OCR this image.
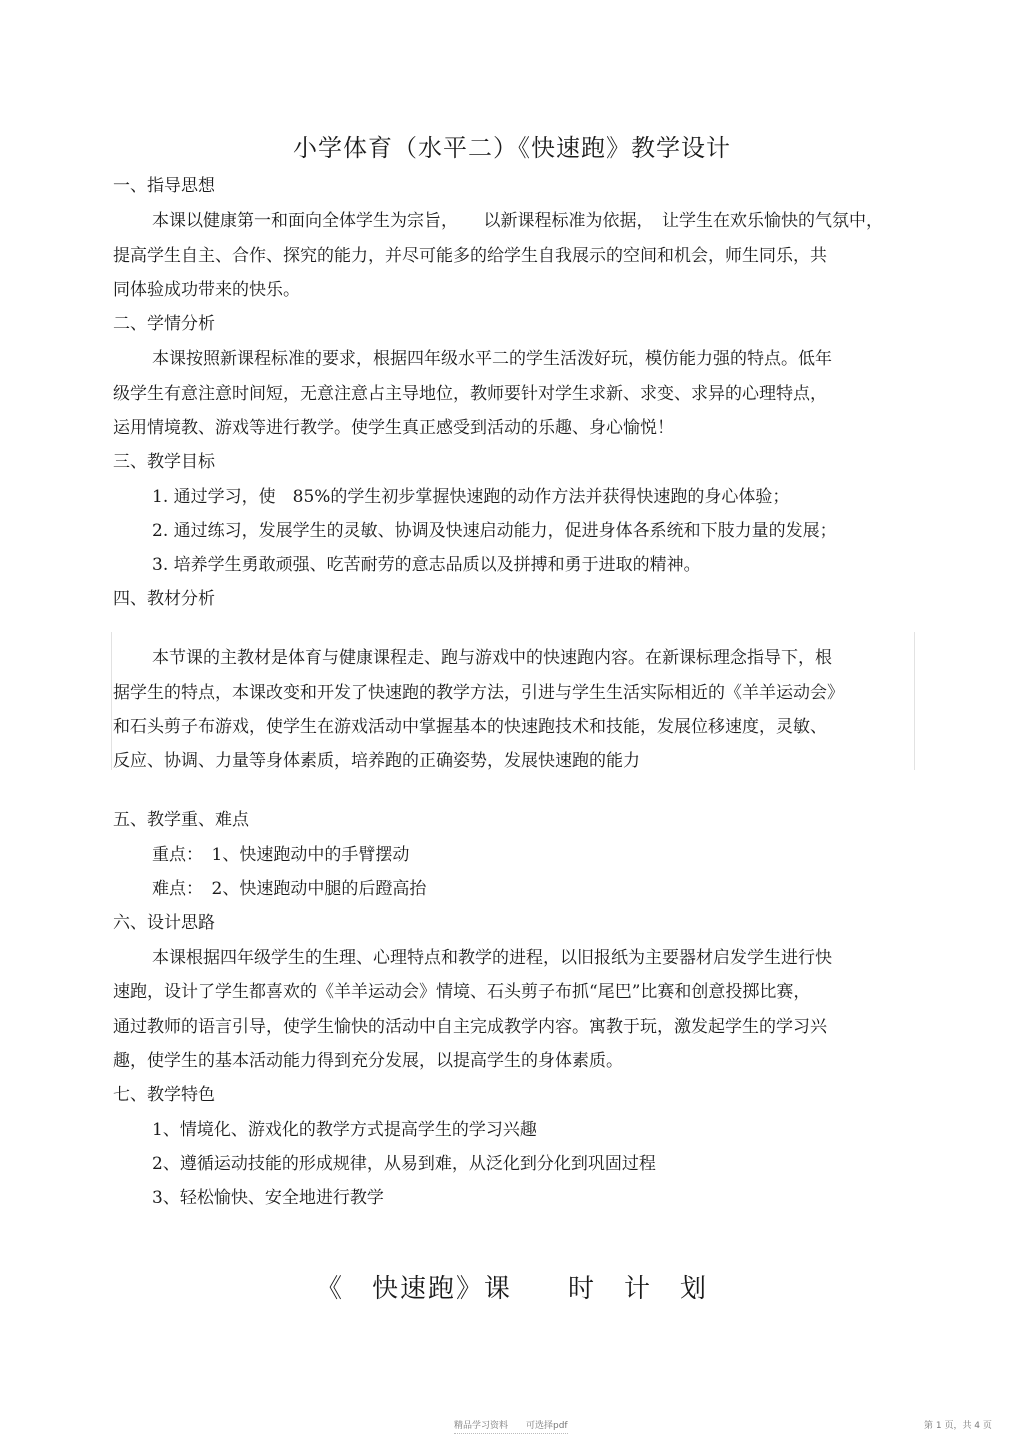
小学体育（水平二）《快速跑》教学设计
一、指导思想
本课以健康第一和面向全体学生为宗旨，　　以新课程标准为依据，　让学生在欢乐愉快的气氛中，
提高学生自主、合作、探究的能力，并尽可能多的给学生自我展示的空间和机会，师生同乐，共
同体验成功带来的快乐。
二、学情分析
本课按照新课程标准的要求，根据四年级水平二的学生活泼好玩，模仿能力强的特点。低年
级学生有意注意时间短，无意注意占主导地位，教师要针对学生求新、求变、求异的心理特点，
运用情境教、游戏等进行教学。使学生真正感受到活动的乐趣、身心愉悦！
三、教学目标
1. 通过学习，使　85%的学生初步掌握快速跑的动作方法并获得快速跑的身心体验；
2. 通过练习，发展学生的灵敏、协调及快速启动能力，促进身体各系统和下肢力量的发展；
3. 培养学生勇敢顽强、吃苦耐劳的意志品质以及拼搏和勇于进取的精神。
四、教材分析
本节课的主教材是体育与健康课程走、跑与游戏中的快速跑内容。在新课标理念指导下，根
据学生的特点，本课改变和开发了快速跑的教学方法，引进与学生生活实际相近的《羊羊运动会》
和石头剪子布游戏，使学生在游戏活动中掌握基本的快速跑技术和技能，发展位移速度，灵敏、
反应、协调、力量等身体素质，培养跑的正确姿势，发展快速跑的能力
五、教学重、难点
重点：　1、快速跑动中的手臂摆动
难点：　2、快速跑动中腿的后蹬高抬
六、设计思路
本课根据四年级学生的生理、心理特点和教学的进程，以旧报纸为主要器材启发学生进行快
速跑，设计了学生都喜欢的《羊羊运动会》情境、石头剪子布抓“尾巴”比赛和创意投掷比赛，
通过教师的语言引导，使学生愉快的活动中自主完成教学内容。寓教于玩，激发起学生的学习兴
趣，使学生的基本活动能力得到充分发展，以提高学生的身体素质。
七、教学特色
1、情境化、游戏化的教学方式提高学生的学习兴趣
2、遵循运动技能的形成规律，从易到难，从泛化到分化到巩固过程
3、轻松愉快、安全地进行教学
《　快速跑》课　　时　计　划
精品学习资料　　可选择pdf	第 1 页，共 4 页
